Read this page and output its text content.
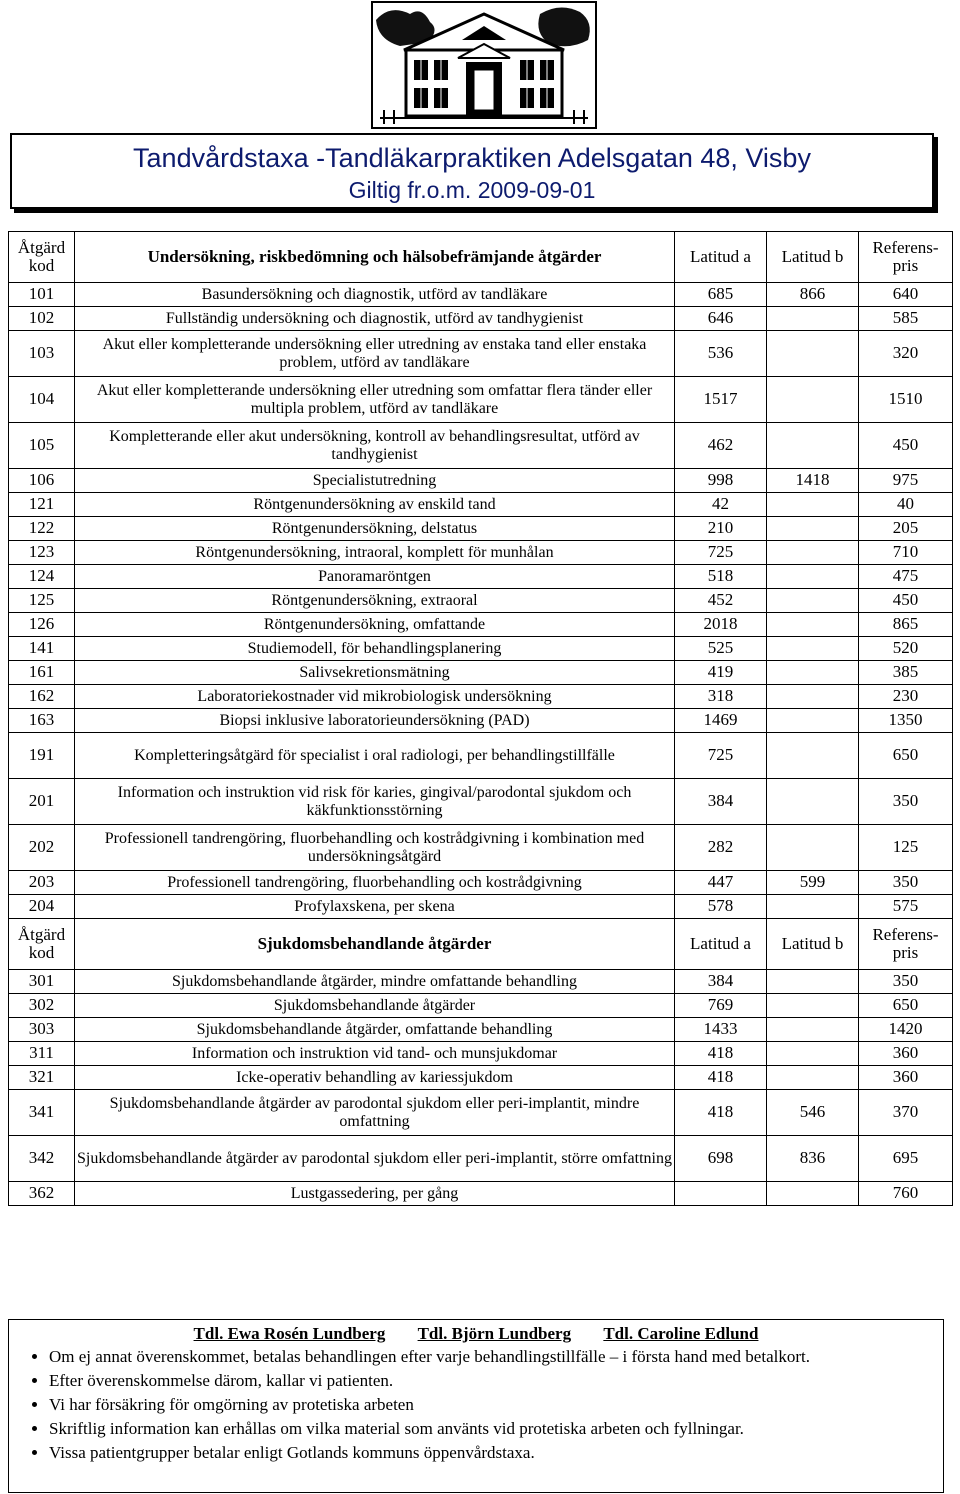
Tandvårdstaxa -Tandläkarpraktiken Adelsgatan 48, Visby
Giltig fr.o.m. 2009-09-01
Åtgärd kod	Undersökning, riskbedömning och hälsobefrämjande åtgärder	Latitud a	Latitud b	Referens- pris
101	Basundersökning och diagnostik, utförd av tandläkare	685	866	640
102	Fullständig undersökning och diagnostik, utförd av tandhygienist	646		585
103	Akut eller kompletterande undersökning eller utredning av enstaka tand eller enstaka problem, utförd av tandläkare	536		320
104	Akut eller kompletterande undersökning eller utredning som omfattar flera tänder eller multipla problem, utförd av tandläkare	1517		1510
105	Kompletterande eller akut undersökning, kontroll av behandlingsresultat, utförd av tandhygienist	462		450
106	Specialistutredning	998	1418	975
121	Röntgenundersökning av enskild tand	42		40
122	Röntgenundersökning, delstatus	210		205
123	Röntgenundersökning, intraoral, komplett för munhålan	725		710
124	Panoramaröntgen	518		475
125	Röntgenundersökning, extraoral	452		450
126	Röntgenundersökning, omfattande	2018		865
141	Studiemodell, för behandlingsplanering	525		520
161	Salivsekretionsmätning	419		385
162	Laboratoriekostnader vid mikrobiologisk undersökning	318		230
163	Biopsi inklusive laboratorieundersökning (PAD)	1469		1350
191	Kompletteringsåtgärd för specialist i oral radiologi, per behandlingstillfälle	725		650
201	Information och instruktion vid risk för karies, gingival/parodontal sjukdom och käkfunktionsstörning	384		350
202	Professionell tandrengöring, fluorbehandling och kostrådgivning i kombination med undersökningsåtgärd	282		125
203	Professionell tandrengöring, fluorbehandling och kostrådgivning	447	599	350
204	Profylaxskena, per skena	578		575
Åtgärd kod	Sjukdomsbehandlande åtgärder	Latitud a	Latitud b	Referens- pris
301	Sjukdomsbehandlande åtgärder, mindre omfattande behandling	384		350
302	Sjukdomsbehandlande åtgärder	769		650
303	Sjukdomsbehandlande åtgärder, omfattande behandling	1433		1420
311	Information och instruktion vid tand- och munsjukdomar	418		360
321	Icke-operativ behandling av kariessjukdom	418		360
341	Sjukdomsbehandlande åtgärder av parodontal sjukdom eller peri-implantit, mindre omfattning	418	546	370
342	Sjukdomsbehandlande åtgärder av parodontal sjukdom eller peri-implantit, större omfattning	698	836	695
362	Lustgassedering, per gång			760
Tdl. Ewa Rosén Lundberg Tdl. Björn Lundberg Tdl. Caroline Edlund
• Om ej annat överenskommet, betalas behandlingen efter varje behandlingstillfälle – i första hand med betalkort.
• Efter överenskommelse därom, kallar vi patienten.
• Vi har försäkring för omgörning av protetiska arbeten
• Skriftlig information kan erhållas om vilka material som använts vid protetiska arbeten och fyllningar.
• Vissa patientgrupper betalar enligt Gotlands kommuns öppenvårdstaxa.
